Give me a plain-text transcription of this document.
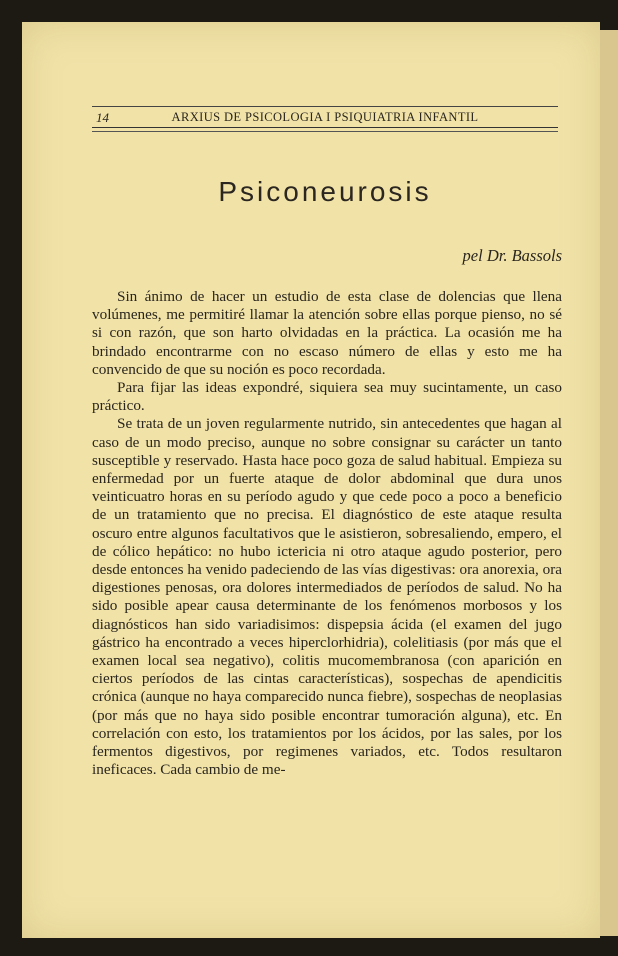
14	ARXIUS DE PSICOLOGIA I PSIQUIATRIA INFANTIL
Psiconeurosis
pel Dr. Bassols

Sin ánimo de hacer un estudio de esta clase de dolencias que llena volúmenes, me permitiré llamar la atención sobre ellas porque pienso, no sé si con razón, que son harto olvidadas en la práctica. La ocasión me ha brindado encontrarme con no escaso número de ellas y esto me ha convencido de que su noción es poco recordada.

Para fijar las ideas expondré, siquiera sea muy sucintamente, un caso práctico.

Se trata de un joven regularmente nutrido, sin antecedentes que hagan al caso de un modo preciso, aunque no sobre consignar su carácter un tanto susceptible y reservado. Hasta hace poco goza de salud habitual. Empieza su enfermedad por un fuerte ataque de dolor abdominal que dura unos veinticuatro horas en su período agudo y que cede poco a poco a beneficio de un tratamiento que no precisa. El diagnóstico de este ataque resulta oscuro entre algunos facultativos que le asistieron, sobresaliendo, empero, el de cólico hepático: no hubo ictericia ni otro ataque agudo posterior, pero desde entonces ha venido padeciendo de las vías digestivas: ora anorexia, ora digestiones penosas, ora dolores intermediados de períodos de salud. No ha sido posible apear causa determinante de los fenómenos morbosos y los diagnósticos han sido variadisimos: dispepsia ácida (el examen del jugo gástrico ha encontrado a veces hiperclorhidria), colelitiasis (por más que el examen local sea negativo), colitis mucomembranosa (con aparición en ciertos períodos de las cintas características), sospechas de apendicitis crónica (aunque no haya comparecido nunca fiebre), sospechas de neoplasias (por más que no haya sido posible encontrar tumoración alguna), etc. En correlación con esto, los tratamientos por los ácidos, por las sales, por los fermentos digestivos, por regimenes variados, etc. Todos resultaron ineficaces. Cada cambio de me-
